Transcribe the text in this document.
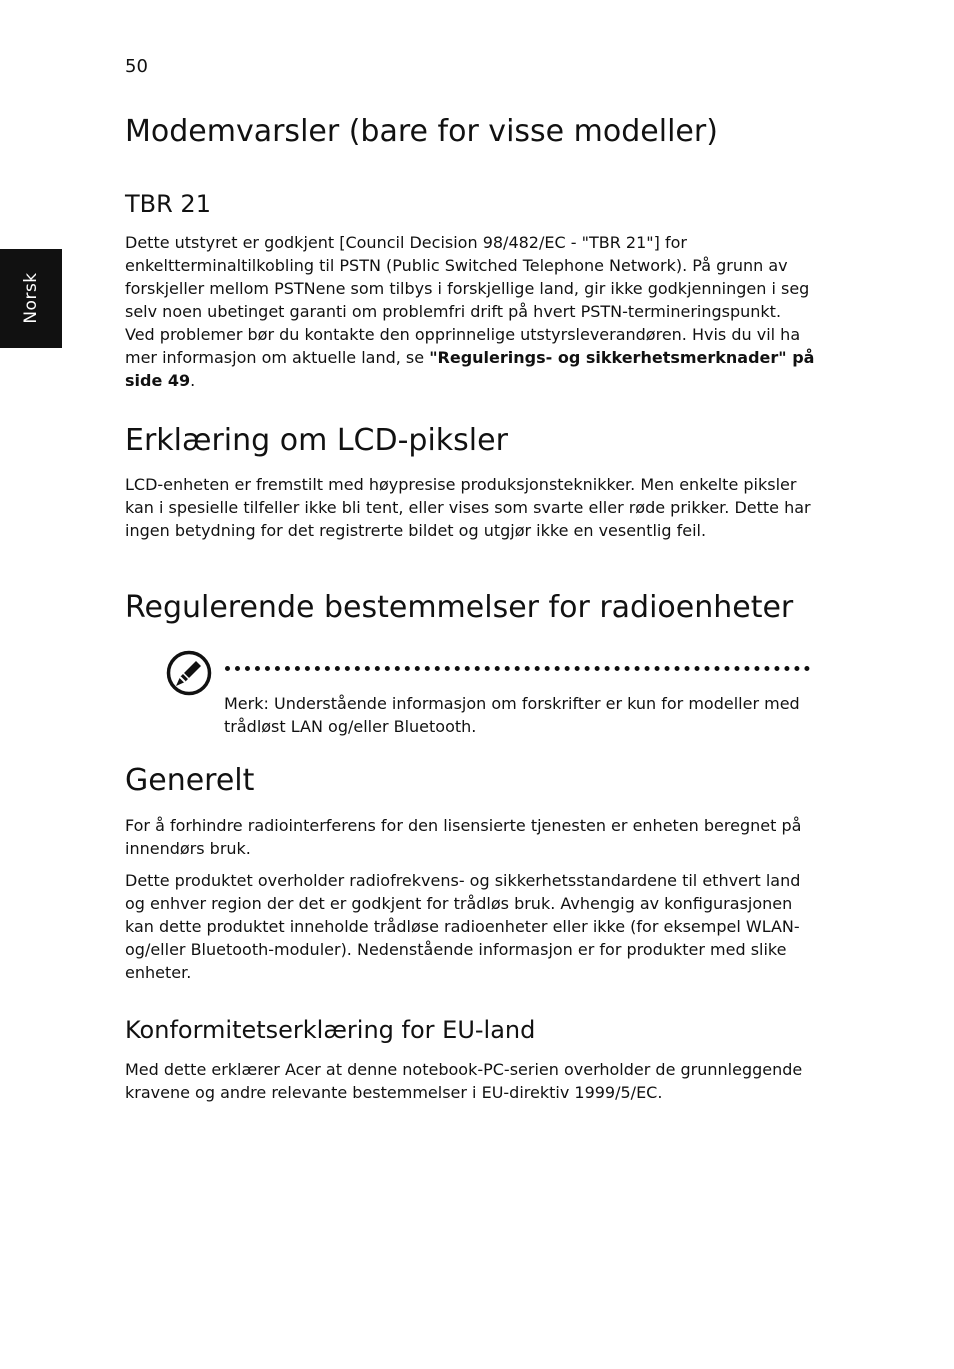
50
Norsk
Modemvarsler (bare for visse modeller)
TBR 21

Dette utstyret er godkjent [Council Decision 98/482/EC - "TBR 21"] for enkeltterminaltilkobling til PSTN (Public Switched Telephone Network). På grunn av forskjeller mellom PSTNene som tilbys i forskjellige land, gir ikke godkjenningen i seg selv noen ubetinget garanti om problemfri drift på hvert PSTN-termineringspunkt. Ved problemer bør du kontakte den opprinnelige utstyrsleverandøren. Hvis du vil ha mer informasjon om aktuelle land, se "Regulerings- og sikkerhetsmerknader" på side 49.

Erklæring om LCD-piksler

LCD-enheten er fremstilt med høypresise produksjonsteknikker. Men enkelte piksler kan i spesielle tilfeller ikke bli tent, eller vises som svarte eller røde prikker. Dette har ingen betydning for det registrerte bildet og utgjør ikke en vesentlig feil.

Regulerende bestemmelser for radioenheter
Generelt

For å forhindre radiointerferens for den lisensierte tjenesten er enheten beregnet på innendørs bruk.

Dette produktet overholder radiofrekvens- og sikkerhetsstandardene til ethvert land og enhver region der det er godkjent for trådløs bruk. Avhengig av konfigurasjonen kan dette produktet inneholde trådløse radioenheter eller ikke (for eksempel WLAN- og/eller Bluetooth-moduler). Nedenstående informasjon er for produkter med slike enheter.

Konformitetserklæring for EU-land

Med dette erklærer Acer at denne notebook-PC-serien overholder de grunnleggende kravene og andre relevante bestemmelser i EU-direktiv 1999/5/EC.

Merk: Understående informasjon om forskrifter er kun for modeller med trådløst LAN og/eller Bluetooth.
